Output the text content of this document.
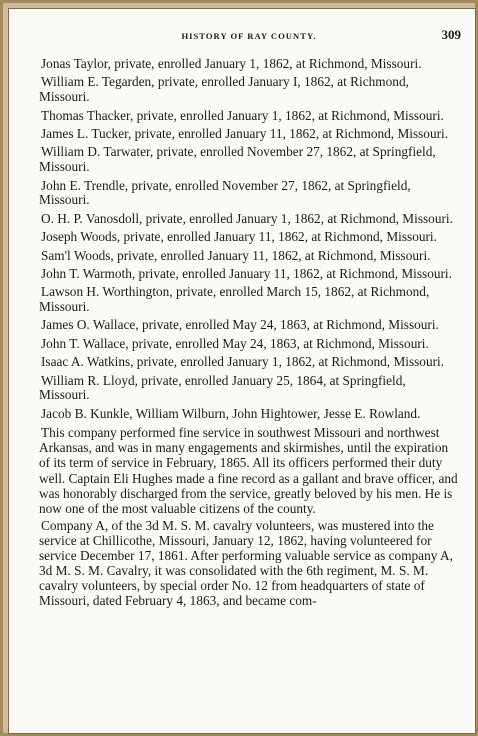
HISTORY OF RAY COUNTY.	309

Jonas Taylor, private, enrolled January 1, 1862, at Richmond, Missouri.

William E. Tegarden, private, enrolled January I, 1862, at Richmond, Missouri.

Thomas Thacker, private, enrolled January 1, 1862, at Richmond, Missouri.

James L. Tucker, private, enrolled January 11, 1862, at Richmond, Missouri.

William D. Tarwater, private, enrolled November 27, 1862, at Springfield, Missouri.

John E. Trendle, private, enrolled November 27, 1862, at Springfield, Missouri.

O. H. P. Vanosdoll, private, enrolled January 1, 1862, at Richmond, Missouri.

Joseph Woods, private, enrolled January 11, 1862, at Richmond, Missouri.

Sam'l Woods, private, enrolled January 11, 1862, at Richmond, Missouri.

John T. Warmoth, private, enrolled January 11, 1862, at Richmond, Missouri.

Lawson H. Worthington, private, enrolled March 15, 1862, at Richmond, Missouri.

James O. Wallace, private, enrolled May 24, 1863, at Richmond, Missouri.

John T. Wallace, private, enrolled May 24, 1863, at Richmond, Missouri.

Isaac A. Watkins, private, enrolled January 1, 1862, at Richmond, Missouri.

William R. Lloyd, private, enrolled January 25, 1864, at Springfield, Missouri.

Jacob B. Kunkle, William Wilburn, John Hightower, Jesse E. Rowland.

This company performed fine service in southwest Missouri and northwest Arkansas, and was in many engagements and skirmishes, until the expiration of its term of service in February, 1865. All its officers performed their duty well. Captain Eli Hughes made a fine record as a gallant and brave officer, and was honorably discharged from the service, greatly beloved by his men. He is now one of the most valuable citizens of the county.

Company A, of the 3d M. S. M. cavalry volunteers, was mustered into the service at Chillicothe, Missouri, January 12, 1862, having volunteered for service December 17, 1861. After performing valuable service as company A, 3d M. S. M. Cavalry, it was consolidated with the 6th regiment, M. S. M. cavalry volunteers, by special order No. 12 from headquarters of state of Missouri, dated February 4, 1863, and became com-
